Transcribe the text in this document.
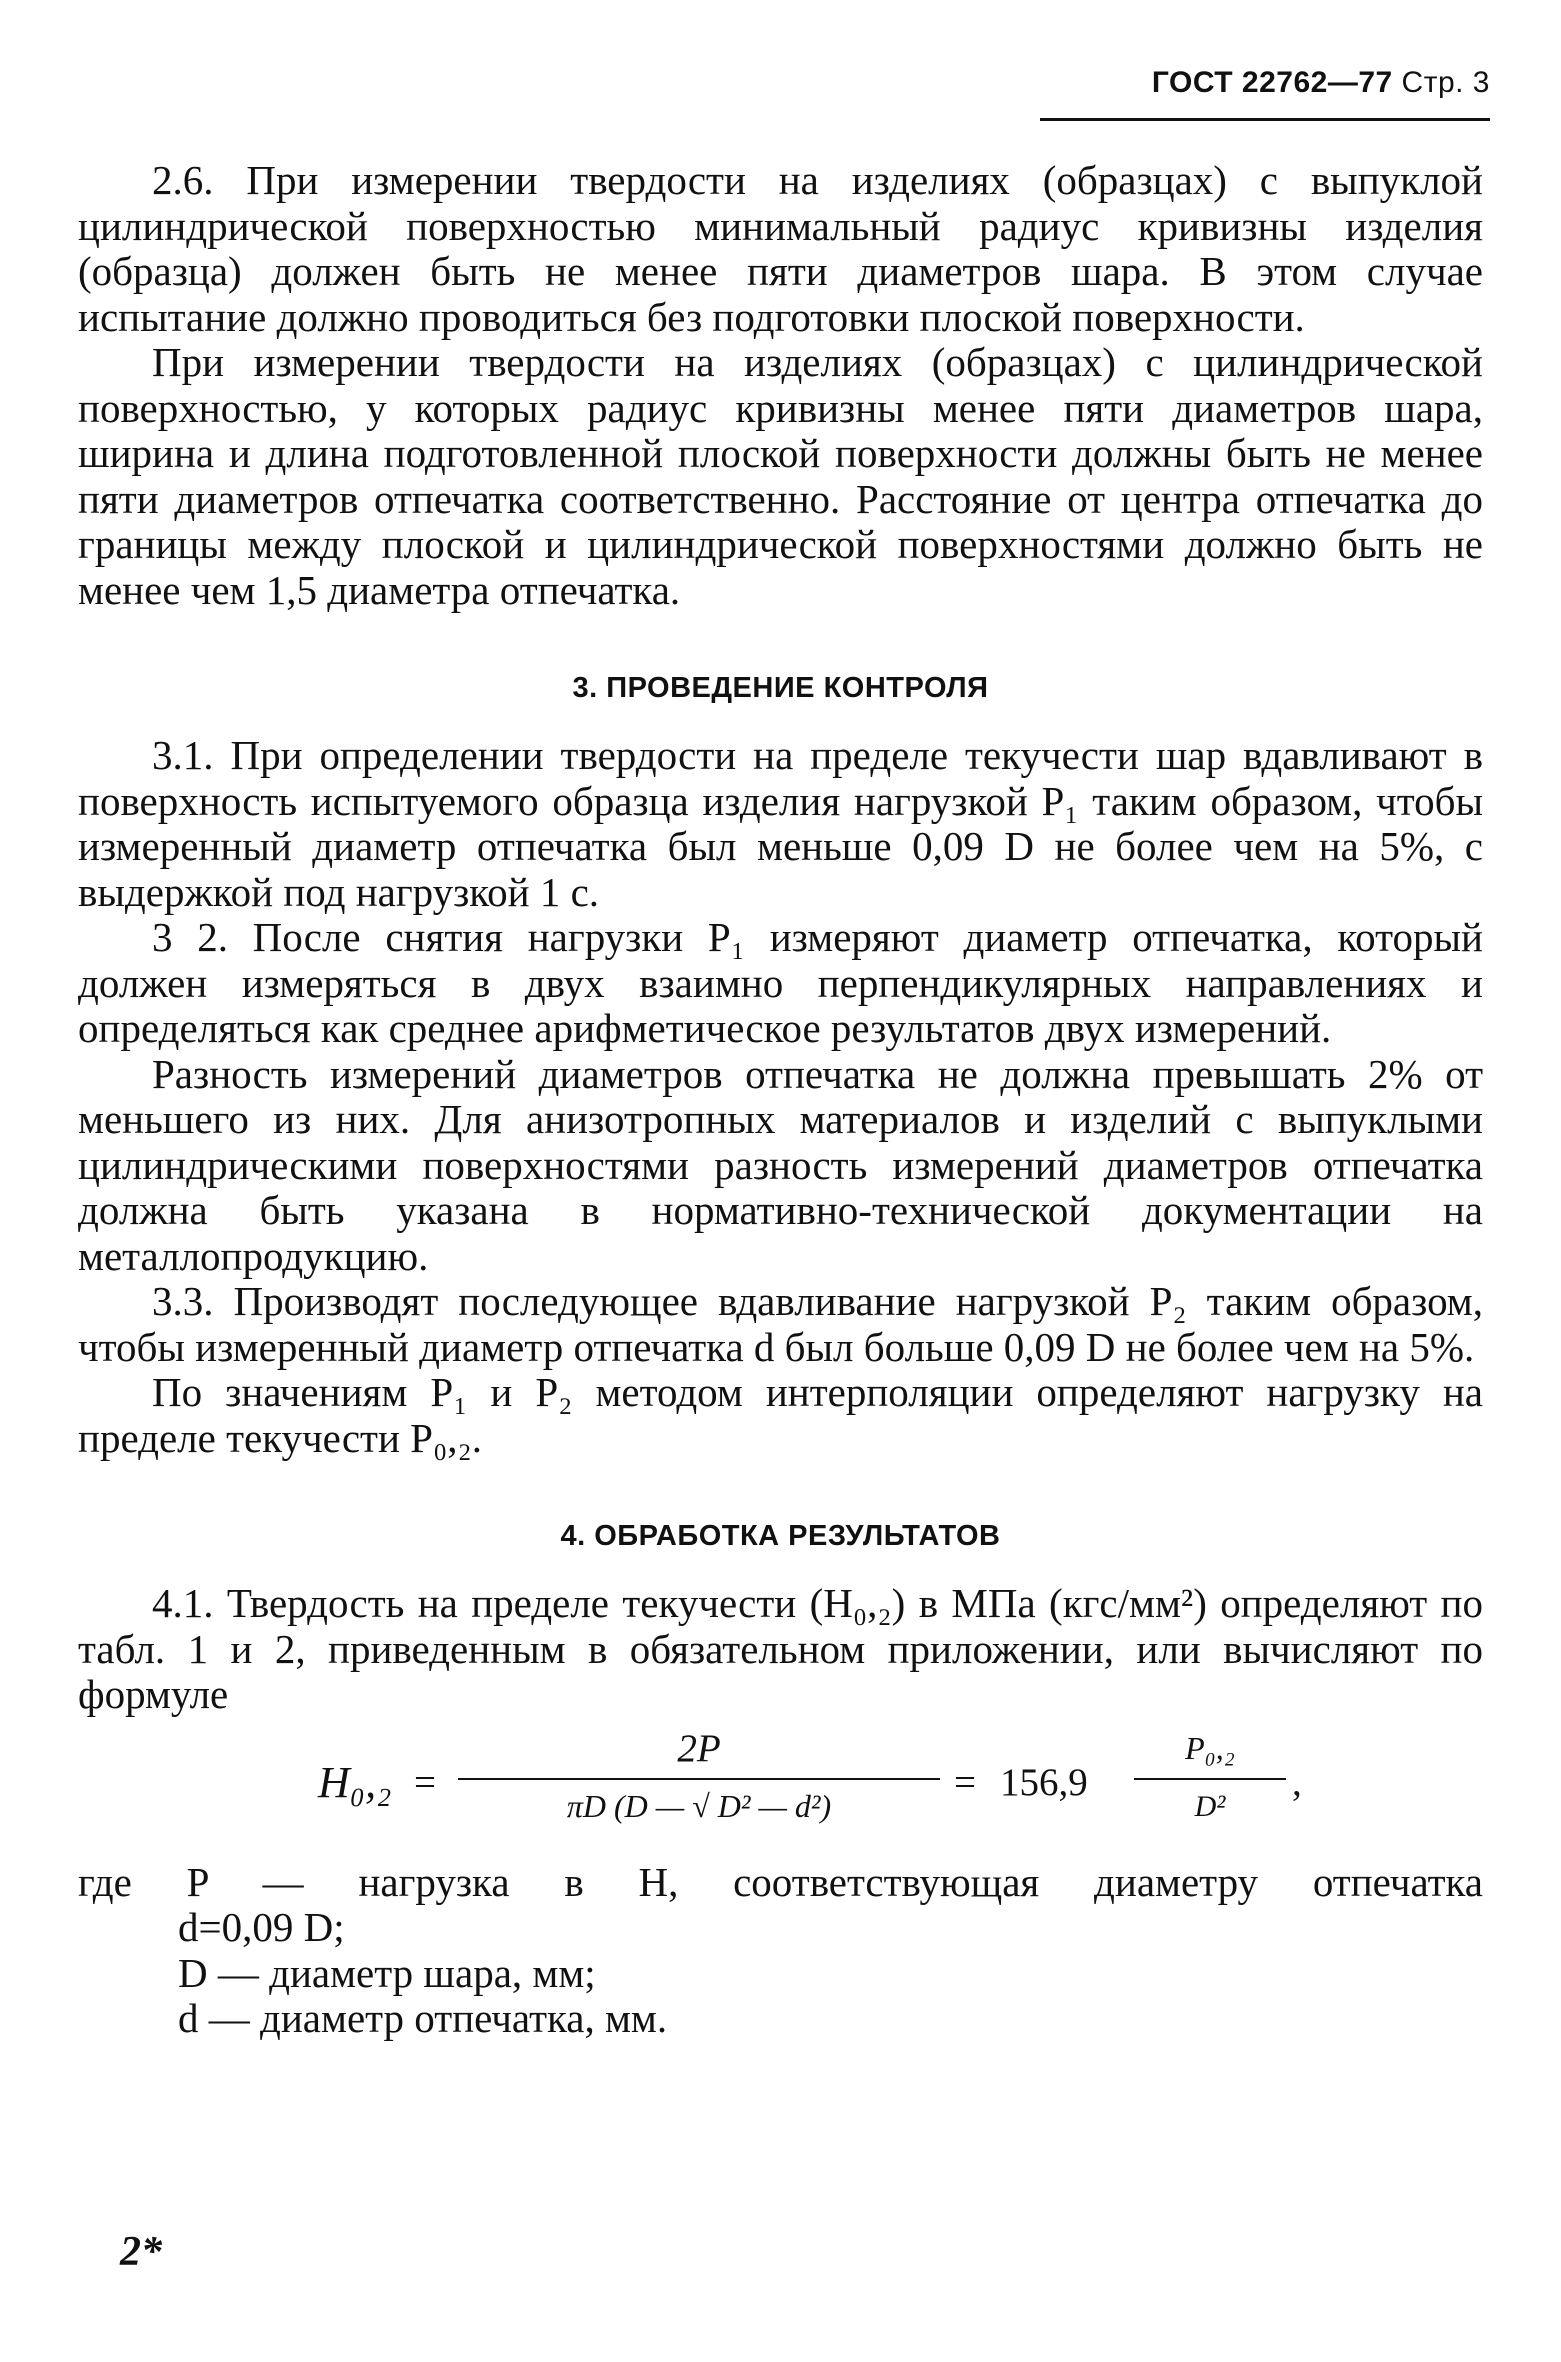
ГОСТ 22762—77 Стр. 3

2.6. При измерении твердости на изделиях (образцах) с выпуклой цилиндрической поверхностью минимальный радиус кривизны изделия (образца) должен быть не менее пяти диаметров шара. В этом случае испытание должно проводиться без подготовки плоской поверхности.

При измерении твердости на изделиях (образцах) с цилиндрической поверхностью, у которых радиус кривизны менее пяти диаметров шара, ширина и длина подготовленной плоской поверхности должны быть не менее пяти диаметров отпечатка соответственно. Расстояние от центра отпечатка до границы между плоской и цилиндрической поверхностями должно быть не менее чем 1,5 диаметра отпечатка.

3. ПРОВЕДЕНИЕ КОНТРОЛЯ

3.1. При определении твердости на пределе текучести шар вдавливают в поверхность испытуемого образца изделия нагрузкой P₁ таким образом, чтобы измеренный диаметр отпечатка был меньше 0,09 D не более чем на 5%, с выдержкой под нагрузкой 1 с.

3 2. После снятия нагрузки P₁ измеряют диаметр отпечатка, который должен измеряться в двух взаимно перпендикулярных направлениях и определяться как среднее арифметическое результатов двух измерений.

Разность измерений диаметров отпечатка не должна превышать 2% от меньшего из них. Для анизотропных материалов и изделий с выпуклыми цилиндрическими поверхностями разность измерений диаметров отпечатка должна быть указана в нормативно-технической документации на металлопродукцию.

3.3. Производят последующее вдавливание нагрузкой P₂ таким образом, чтобы измеренный диаметр отпечатка d был больше 0,09 D не более чем на 5%.

По значениям P₁ и P₂ методом интерполяции определяют нагрузку на пределе текучести P₀,₂.

4. ОБРАБОТКА РЕЗУЛЬТАТОВ

4.1. Твердость на пределе текучести (H₀,₂) в МПа (кгс/мм²) определяют по табл. 1 и 2, приведенным в обязательном приложении, или вычисляют по формуле

H₀,₂ =
2P
πD (D — √ D² — d²)
= 156,9
P₀,₂
D²
,
где P — нагрузка в Н, соответствующая диаметру отпечатка
d=0,09 D;
D — диаметр шара, мм;
d — диаметр отпечатка, мм.
2*
